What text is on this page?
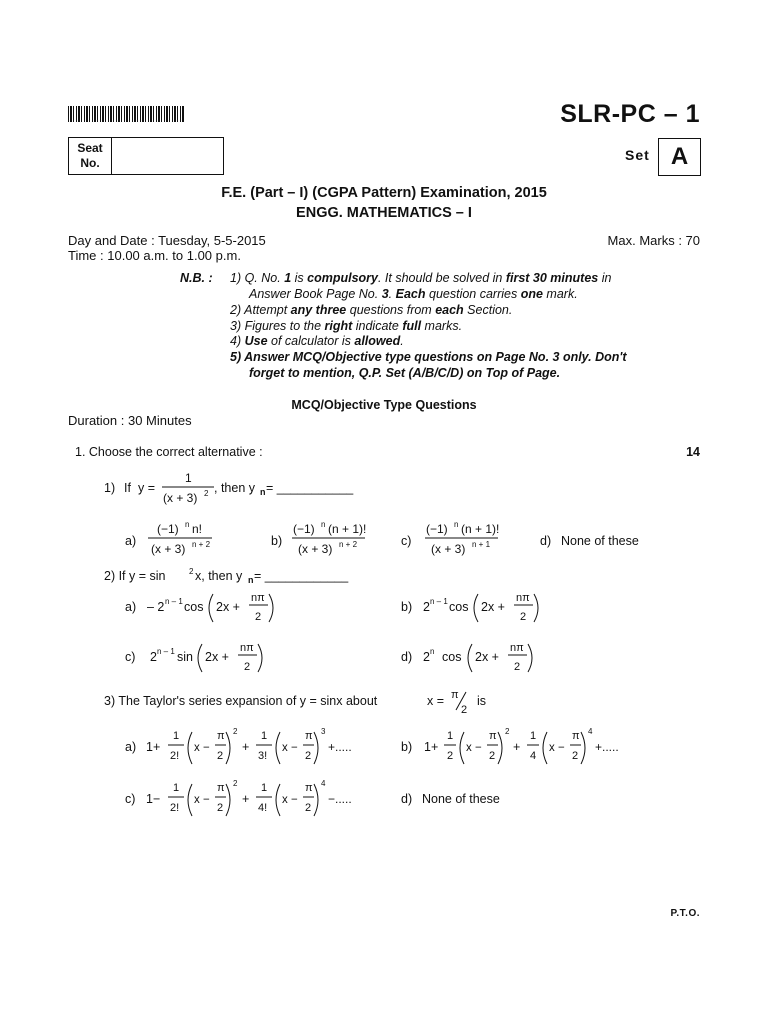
SLR-PC – 1
Seat
No.	Set A
F.E. (Part – I) (CGPA Pattern) Examination, 2015
ENGG. MATHEMATICS – I
Day and Date : Tuesday, 5-5-2015
Time : 10.00 a.m. to 1.00 p.m.
Max. Marks : 70
N.B. : 1) Q. No. 1 is compulsory. It should be solved in first 30 minutes in
Answer Book Page No. 3. Each question carries one mark.
2) Attempt any three questions from each Section.
3) Figures to the right indicate full marks.
4) Use of calculator is allowed.
5) Answer MCQ/Objective type questions on Page No. 3 only. Don't
forget to mention, Q.P. Set (A/B/C/D) on Top of Page.
MCQ/Objective Type Questions
Duration : 30 Minutes
1. Choose the correct alternative :	14
1) If y =
1
(x + 3) 2 , then y n = ___________
a)
(−1) n n!
(x + 3) n + 2	b)
(−1) n (n + 1)!
(x + 3) n + 2	c)
(−1) n (n + 1)!
(x + 3) n + 1	d) None of these
2) If y = sin	2 x, then y n = ____________
a) – 2 n – 1 cos 2x +
nπ
2
b) 2 n – 1 cos 2x +
nπ
2
c) 2 n – 1 sin 2x +
nπ
2
d) 2 n cos 2x +
nπ
2
3) The Taylor's series expansion of y = sinx about	x = π
2
is
a) 1+
1
2!
x −
π
2
2
+
1
3!
x −
π
2
3
+.....	b) 1+
1
2
x −
π
2
2
+
1
4
x −
π
2
4
+.....
c) 1−
1
2!
x −
π
2
2
+
1
4!
x −
π
2
4
−.....	d) None of these
P.T.O.
